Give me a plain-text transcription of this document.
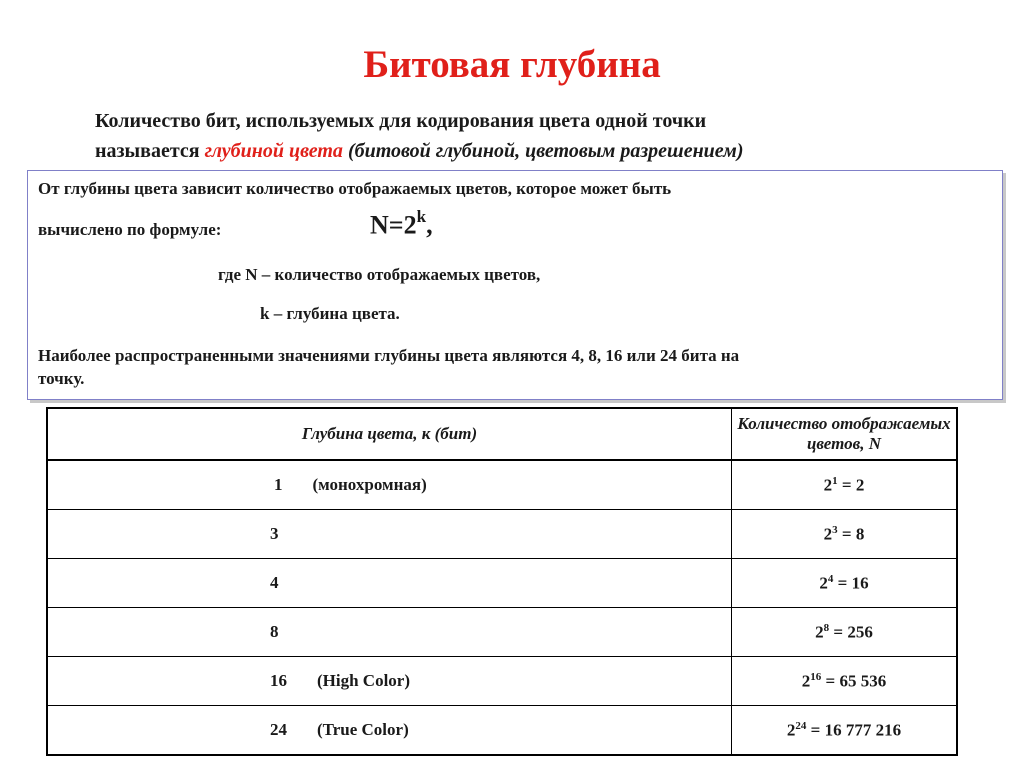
Битовая глубина
Количество бит, используемых для кодирования цвета одной точки
называется глубиной цвета (битовой глубиной, цветовым разрешением)
От глубины цвета зависит количество отображаемых цветов, которое может быть
вычислено по формуле:	$N=2^k$,
где N – количество отображаемых цветов,
k – глубина цвета.
Наиболее распространенными значениями глубины цвета являются 4, 8, 16 или 24 бита на
точку.
Глубина цвета, к (бит)	Количество отображаемых цветов, N
1 (монохромная)	$2^1 = 2$
3	$2^3 = 8$
4	$2^4 = 16$
8	$2^8 = 256$
16 (High Color)	$2^{16} = 65$ 536
24 (True Color)	$2^{24} = 16$ 777 216
